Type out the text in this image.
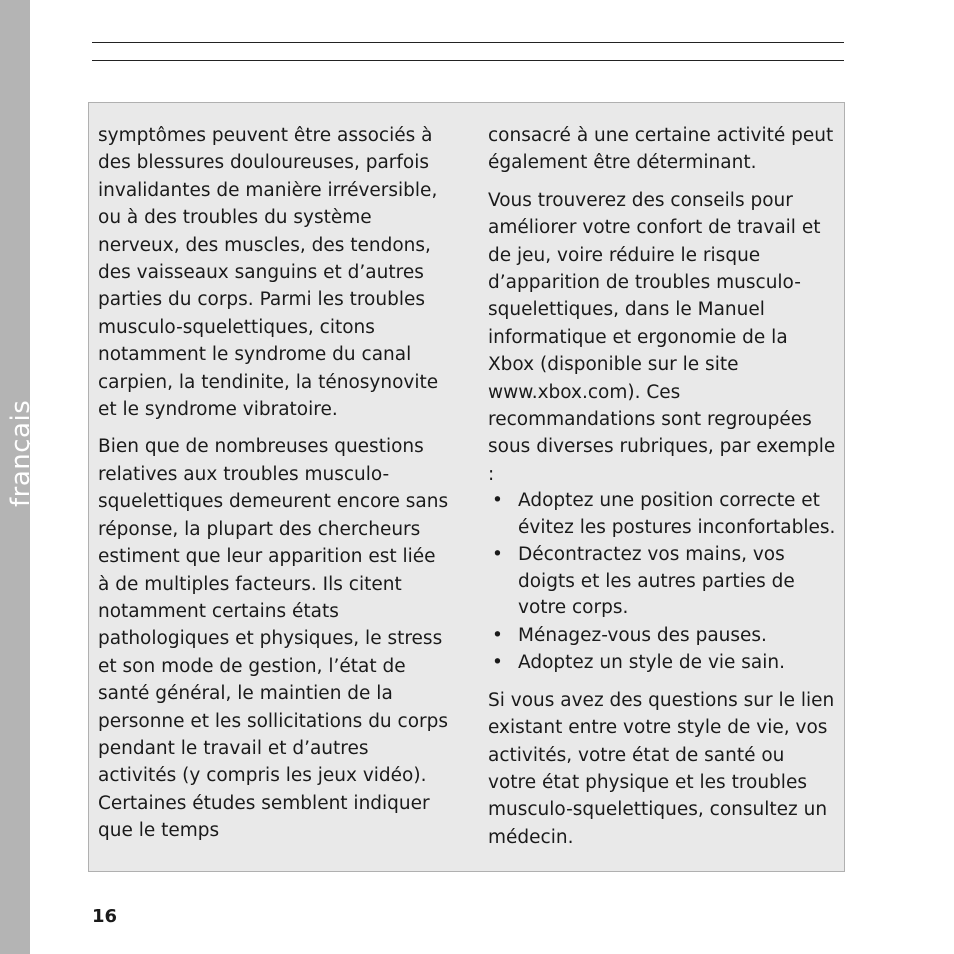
français

symptômes peuvent être associés à des blessures douloureuses, parfois invalidantes de manière irréversible, ou à des troubles du système nerveux, des muscles, des tendons, des vaisseaux sanguins et d’autres parties du corps. Parmi les troubles musculo-squelettiques, citons notamment le syndrome du canal carpien, la tendinite, la ténosynovite et le syndrome vibratoire.

Bien que de nombreuses questions relatives aux troubles musculo-squelettiques demeurent encore sans réponse, la plupart des chercheurs estiment que leur apparition est liée à de multiples facteurs. Ils citent notamment certains états pathologiques et physiques, le stress et son mode de gestion, l’état de santé général, le maintien de la personne et les sollicitations du corps pendant le travail et d’autres activités (y compris les jeux vidéo). Certaines études semblent indiquer que le temps

consacré à une certaine activité peut également être déterminant.

Vous trouverez des conseils pour améliorer votre confort de travail et de jeu, voire réduire le risque d’apparition de troubles musculo-squelettiques, dans le Manuel informatique et ergonomie de la Xbox (disponible sur le site www.xbox.com). Ces recommandations sont regroupées sous diverses rubriques, par exemple :

• Adoptez une position correcte et évitez les postures inconfortables.
• Décontractez vos mains, vos doigts et les autres parties de votre corps.
• Ménagez-vous des pauses.
• Adoptez un style de vie sain.

Si vous avez des questions sur le lien existant entre votre style de vie, vos activités, votre état de santé ou votre état physique et les troubles musculo-squelettiques, consultez un médecin.

16
